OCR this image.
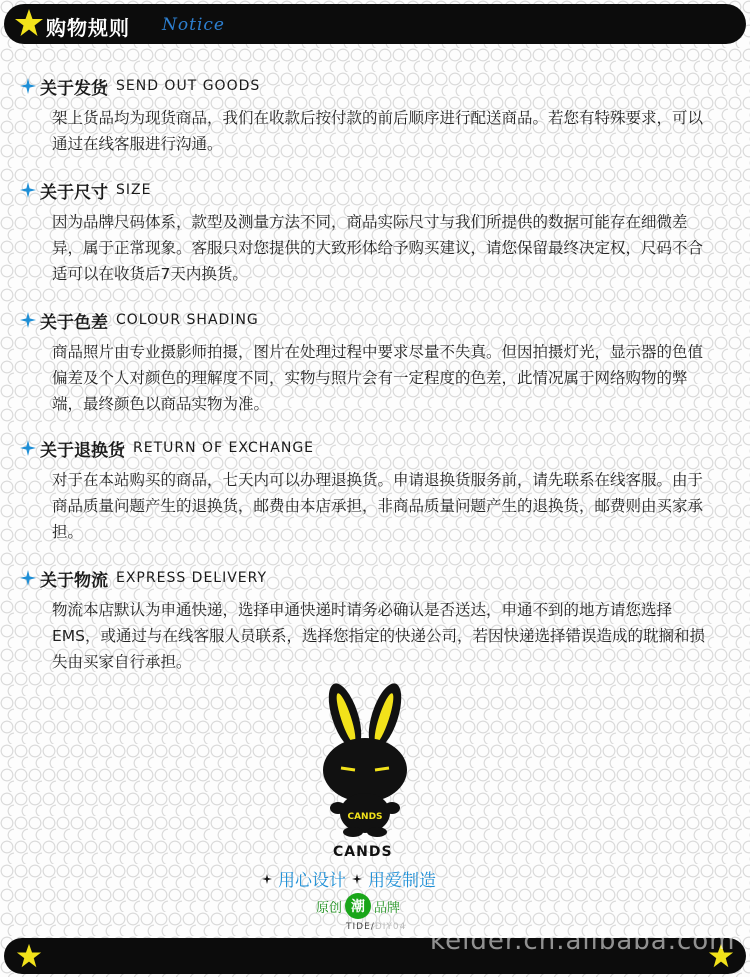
购物规则 Notice
关于发货 SEND OUT GOODS
架上货品均为现货商品，我们在收款后按付款的前后顺序进行配送商品。若您有特殊要求，可以通过在线客服进行沟通。
关于尺寸 SIZE
因为品牌尺码体系，款型及测量方法不同，商品实际尺寸与我们所提供的数据可能存在细微差异，属于正常现象。客服只对您提供的大致形体给予购买建议，请您保留最终决定权，尺码不合适可以在收货后7天内换货。
关于色差 COLOUR SHADING
商品照片由专业摄影师拍摄，图片在处理过程中要求尽量不失真。但因拍摄灯光，显示器的色值偏差及个人对颜色的理解度不同，实物与照片会有一定程度的色差，此情况属于网络购物的弊端，最终颜色以商品实物为准。
关于退换货 RETURN OF EXCHANGE
对于在本站购买的商品，七天内可以办理退换货。申请退换货服务前，请先联系在线客服。由于商品质量问题产生的退换货，邮费由本店承担，非商品质量问题产生的退换货，邮费则由买家承担。
关于物流 EXPRESS DELIVERY
物流本店默认为申通快递，选择申通快递时请务必确认是否送达，申通不到的地方请您选择EMS，或通过与在线客服人员联系，选择您指定的快递公司，若因快递选择错误造成的耽搁和损失由买家自行承担。
CANDS
CANDS
用心设计 用爱制造
原创 潮 品牌
TIDE/DIY04 kelder.cn.alibaba.com
